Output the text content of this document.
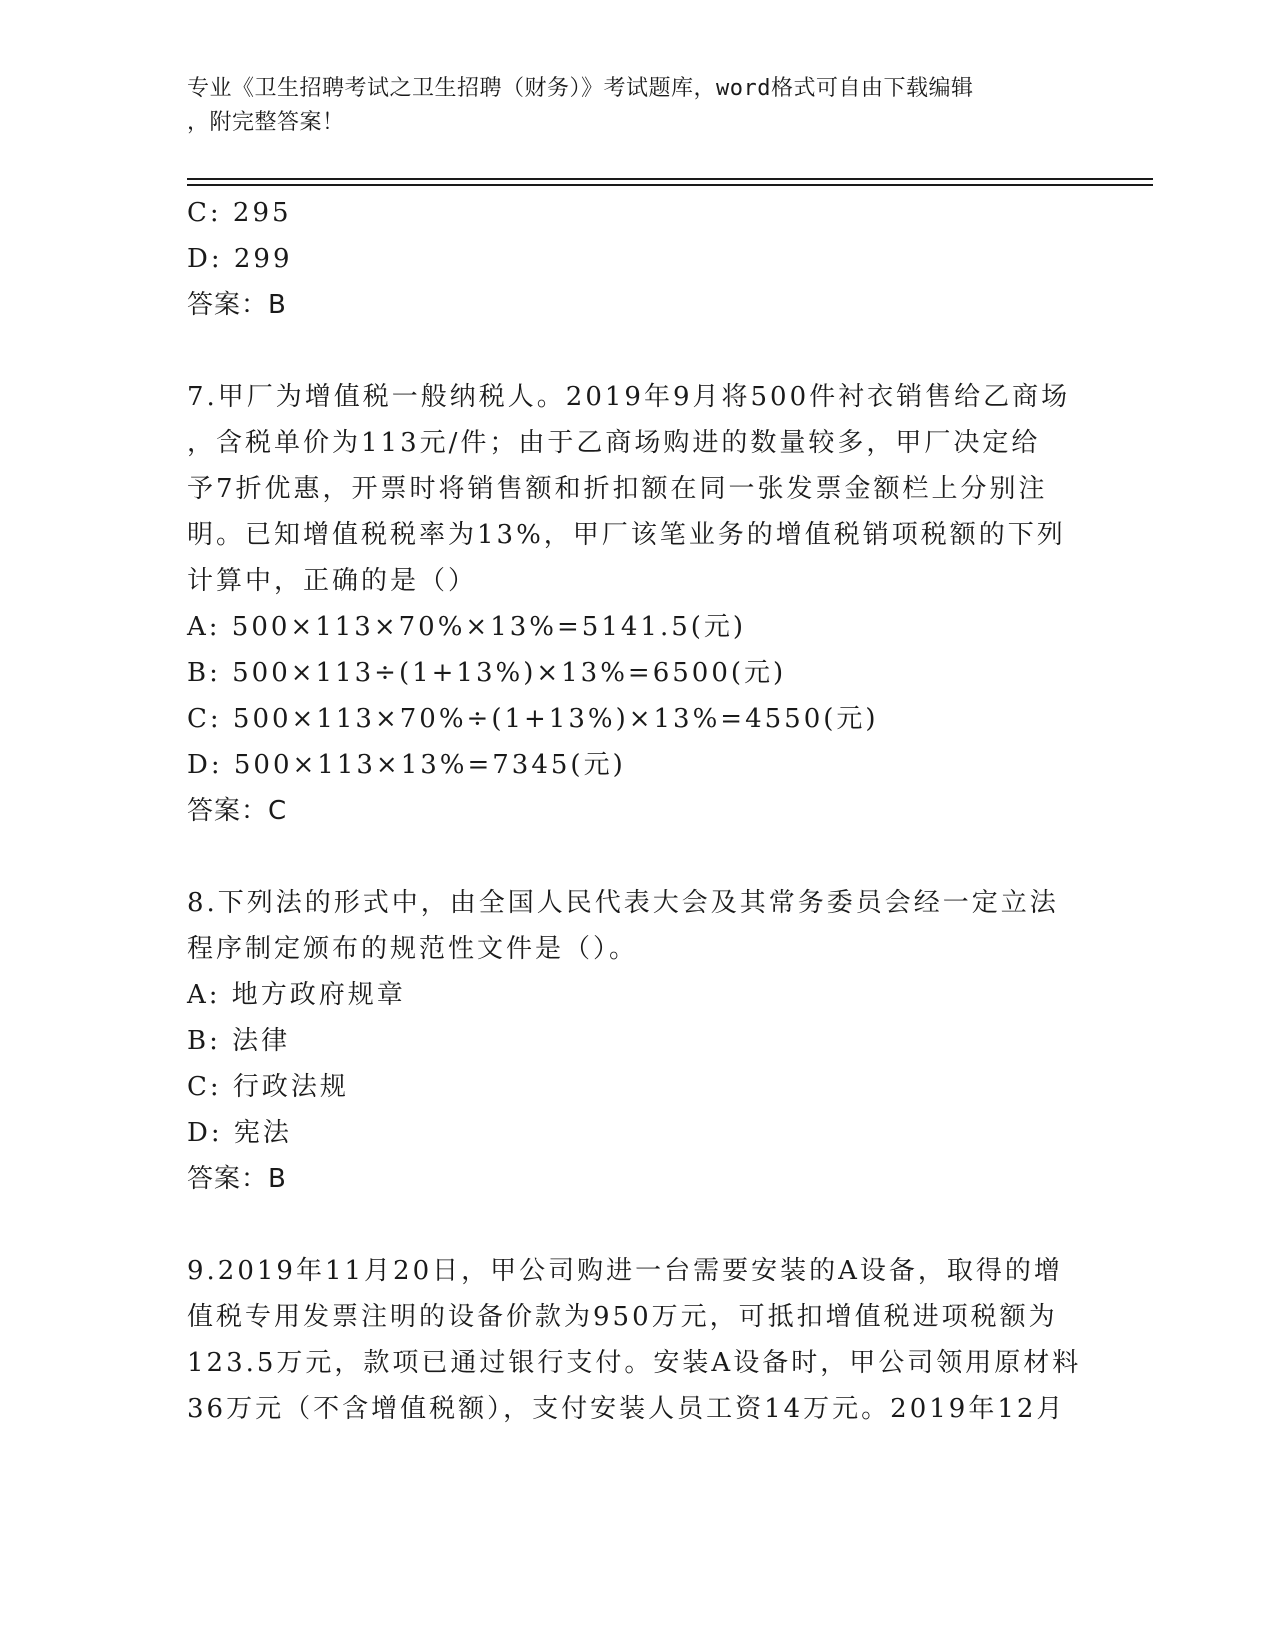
专业《卫生招聘考试之卫生招聘（财务）》考试题库，word格式可自由下载编辑
，附完整答案！
C: 295
D: 299
答案：B
7.甲厂为增值税一般纳税人。2019年9月将500件衬衣销售给乙商场
，含税单价为113元/件；由于乙商场购进的数量较多，甲厂决定给
予7折优惠，开票时将销售额和折扣额在同一张发票金额栏上分别注
明。已知增值税税率为13%，甲厂该笔业务的增值税销项税额的下列
计算中，正确的是（）
A: 500×113×70%×13%=5141.5(元)
B: 500×113÷(1+13%)×13%=6500(元)
C: 500×113×70%÷(1+13%)×13%=4550(元)
D: 500×113×13%=7345(元)
答案：C
8.下列法的形式中，由全国人民代表大会及其常务委员会经一定立法
程序制定颁布的规范性文件是（）。
A: 地方政府规章
B: 法律
C: 行政法规
D: 宪法
答案：B
9.2019年11月20日，甲公司购进一台需要安装的A设备，取得的增
值税专用发票注明的设备价款为950万元，可抵扣增值税进项税额为
123.5万元，款项已通过银行支付。安装A设备时，甲公司领用原材料
36万元（不含增值税额），支付安装人员工资14万元。2019年12月
